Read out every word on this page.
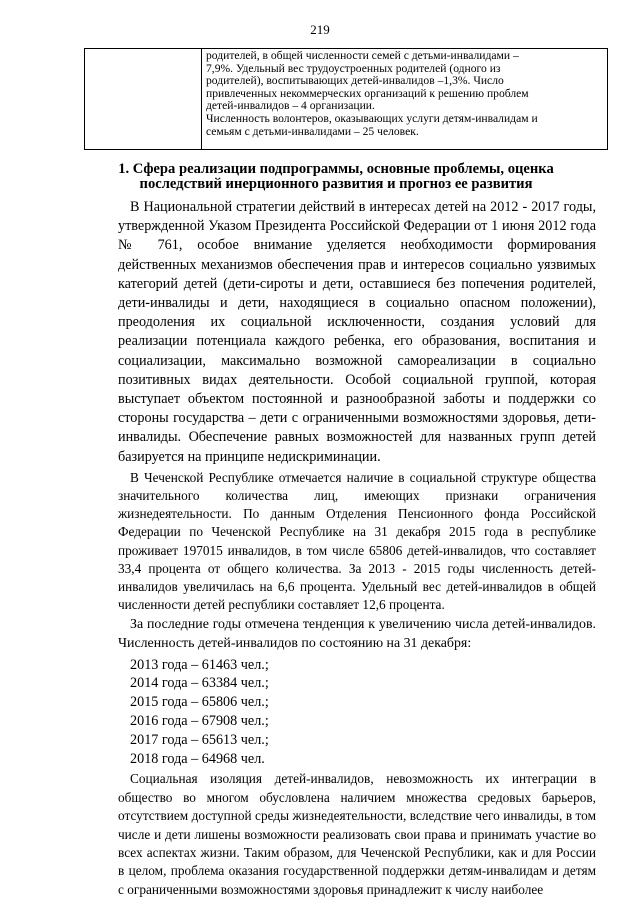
219

родителей, в общей численности семей с детьми-инвалидами –
7,9%. Удельный вес трудоустроенных родителей (одного из
родителей), воспитывающих детей-инвалидов –1,3%. Число
привлеченных некоммерческих организаций к решению проблем
детей-инвалидов – 4 организации.
Численность волонтеров, оказывающих услуги детям-инвалидам и
семьям с детьми-инвалидами – 25 человек.
1. Сфера реализации подпрограммы, основные проблемы, оценка последствий инерционного развития и прогноз ее развития

В Национальной стратегии действий в интересах детей на 2012 - 2017 годы, утвержденной Указом Президента Российской Федерации от 1 июня 2012 года № 761, особое внимание уделяется необходимости формирования действенных механизмов обеспечения прав и интересов социально уязвимых категорий детей (дети-сироты и дети, оставшиеся без попечения родителей, дети-инвалиды и дети, находящиеся в социально опасном положении), преодоления их социальной исключенности, создания условий для реализации потенциала каждого ребенка, его образования, воспитания и социализации, максимально возможной самореализации в социально позитивных видах деятельности. Особой социальной группой, которая выступает объектом постоянной и разнообразной заботы и поддержки со стороны государства – дети с ограниченными возможностями здоровья, дети-инвалиды. Обеспечение равных возможностей для названных групп детей базируется на принципе недискриминации.

В Чеченской Республике отмечается наличие в социальной структуре общества значительного количества лиц, имеющих признаки ограничения жизнедеятельности. По данным Отделения Пенсионного фонда Российской Федерации по Чеченской Республике на 31 декабря 2015 года в республике проживает 197015 инвалидов, в том числе 65806 детей-инвалидов, что составляет 33,4 процента от общего количества. За 2013 - 2015 годы численность детей-инвалидов увеличилась на 6,6 процента. Удельный вес детей-инвалидов в общей численности детей республики составляет 12,6 процента.

За последние годы отмечена тенденция к увеличению числа детей-инвалидов. Численность детей-инвалидов по состоянию на 31 декабря:

2013 года – 61463 чел.;
2014 года – 63384 чел.;
2015 года – 65806 чел.;
2016 года – 67908 чел.;
2017 года – 65613 чел.;
2018 года – 64968 чел.

Социальная изоляция детей-инвалидов, невозможность их интеграции в общество во многом обусловлена наличием множества средовых барьеров, отсутствием доступной среды жизнедеятельности, вследствие чего инвалиды, в том числе и дети лишены возможности реализовать свои права и принимать участие во всех аспектах жизни. Таким образом, для Чеченской Республики, как и для России в целом, проблема оказания государственной поддержки детям-инвалидам и детям с ограниченными возможностями здоровья принадлежит к числу наиболее
